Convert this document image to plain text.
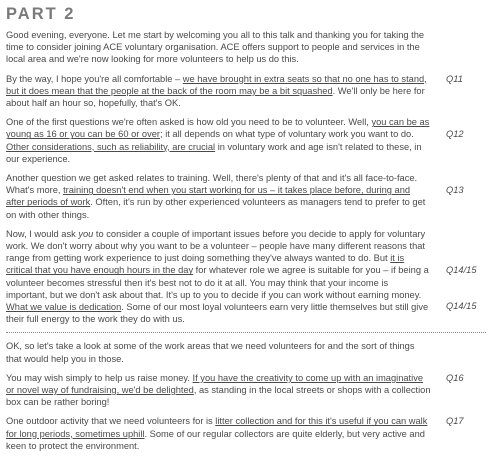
PART 2

Good evening, everyone. Let me start by welcoming you all to this talk and thanking you for taking the time to consider joining ACE voluntary organisation. ACE offers support to people and services in the local area and we're now looking for more volunteers to help us do this.

Q11
By the way, I hope you're all comfortable – we have brought in extra seats so that no one has to stand, but it does mean that the people at the back of the room may be a bit squashed. We'll only be here for about half an hour so, hopefully, that's OK.

Q12
One of the first questions we're often asked is how old you need to be to volunteer. Well, you can be as young as 16 or you can be 60 or over; it all depends on what type of voluntary work you want to do. Other considerations, such as reliability, are crucial in voluntary work and age isn't related to these, in our experience.

Q13
Another question we get asked relates to training. Well, there's plenty of that and it's all face-to-face. What's more, training doesn't end when you start working for us – it takes place before, during and after periods of work. Often, it's run by other experienced volunteers as managers tend to prefer to get on with other things.

Q14/15
Q14/15
Now, I would ask you to consider a couple of important issues before you decide to apply for voluntary work. We don't worry about why you want to be a volunteer – people have many different reasons that range from getting work experience to just doing something they've always wanted to do. But it is critical that you have enough hours in the day for whatever role we agree is suitable for you – if being a volunteer becomes stressful then it's best not to do it at all. You may think that your income is important, but we don't ask about that. It's up to you to decide if you can work without earning money. What we value is dedication. Some of our most loyal volunteers earn very little themselves but still give their full energy to the work they do with us.

OK, so let's take a look at some of the work areas that we need volunteers for and the sort of things that would help you in those.

Q16
You may wish simply to help us raise money. If you have the creativity to come up with an imaginative or novel way of fundraising, we'd be delighted, as standing in the local streets or shops with a collection box can be rather boring!

Q17
One outdoor activity that we need volunteers for is litter collection and for this it's useful if you can walk for long periods, sometimes uphill. Some of our regular collectors are quite elderly, but very active and keen to protect the environment.
